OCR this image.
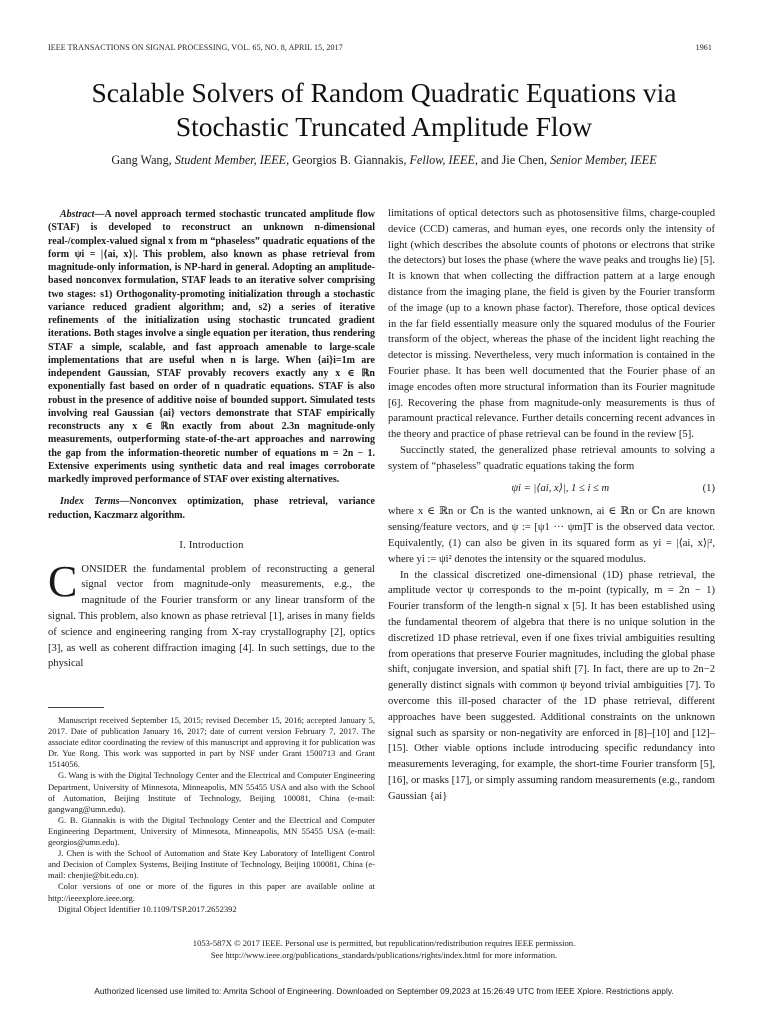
IEEE TRANSACTIONS ON SIGNAL PROCESSING, VOL. 65, NO. 8, APRIL 15, 2017	1961
Scalable Solvers of Random Quadratic Equations via
Stochastic Truncated Amplitude Flow
Gang Wang, Student Member, IEEE, Georgios B. Giannakis, Fellow, IEEE, and Jie Chen, Senior Member, IEEE
Abstract—A novel approach termed stochastic truncated amplitude flow (STAF) is developed to reconstruct an unknown n-dimensional real-/complex-valued signal x from m “phaseless” quadratic equations of the form ψi = |⟨ai, x⟩|. This problem, also known as phase retrieval from magnitude-only information, is NP-hard in general. Adopting an amplitude-based nonconvex formulation, STAF leads to an iterative solver comprising two stages: s1) Orthogonality-promoting initialization through a stochastic variance reduced gradient algorithm; and, s2) a series of iterative refinements of the initialization using stochastic truncated gradient iterations. Both stages involve a single equation per iteration, thus rendering STAF a simple, scalable, and fast approach amenable to large-scale implementations that are useful when n is large. When {ai}i=1m are independent Gaussian, STAF provably recovers exactly any x ∈ ℝn exponentially fast based on order of n quadratic equations. STAF is also robust in the presence of additive noise of bounded support. Simulated tests involving real Gaussian {ai} vectors demonstrate that STAF empirically reconstructs any x ∈ ℝn exactly from about 2.3n magnitude-only measurements, outperforming state-of-the-art approaches and narrowing the gap from the information-theoretic number of equations m = 2n − 1. Extensive experiments using synthetic data and real images corroborate markedly improved performance of STAF over existing alternatives.
Index Terms—Nonconvex optimization, phase retrieval, variance reduction, Kaczmarz algorithm.
I. Introduction

CONSIDER the fundamental problem of reconstructing a general signal vector from magnitude-only measurements, e.g., the magnitude of the Fourier transform or any linear transform of the signal. This problem, also known as phase retrieval [1], arises in many fields of science and engineering ranging from X-ray crystallography [2], optics [3], as well as coherent diffraction imaging [4]. In such settings, due to the physical

Manuscript received September 15, 2015; revised December 15, 2016; accepted January 5, 2017. Date of publication January 16, 2017; date of current version February 7, 2017. The associate editor coordinating the review of this manuscript and approving it for publication was Dr. Yue Rong. This work was supported in part by NSF under Grant 1500713 and Grant 1514056.

G. Wang is with the Digital Technology Center and the Electrical and Computer Engineering Department, University of Minnesota, Minneapolis, MN 55455 USA and also with the School of Automation, Beijing Institute of Technology, Beijing 100081, China (e-mail: gangwang@umn.edu).

G. B. Giannakis is with the Digital Technology Center and the Electrical and Computer Engineering Department, University of Minnesota, Minneapolis, MN 55455 USA (e-mail: georgios@umn.edu).

J. Chen is with the School of Automation and State Key Laboratory of Intelligent Control and Decision of Complex Systems, Beijing Institute of Technology, Beijing 100081, China (e-mail: chenjie@bit.edu.cn).

Color versions of one or more of the figures in this paper are available online at http://ieeexplore.ieee.org.

Digital Object Identifier 10.1109/TSP.2017.2652392

limitations of optical detectors such as photosensitive films, charge-coupled device (CCD) cameras, and human eyes, one records only the intensity of light (which describes the absolute counts of photons or electrons that strike the detectors) but loses the phase (where the wave peaks and troughs lie) [5]. It is known that when collecting the diffraction pattern at a large enough distance from the imaging plane, the field is given by the Fourier transform of the image (up to a known phase factor). Therefore, those optical devices in the far field essentially measure only the squared modulus of the Fourier transform of the object, whereas the phase of the incident light reaching the detector is missing. Nevertheless, very much information is contained in the Fourier phase. It has been well documented that the Fourier phase of an image encodes often more structural information than its Fourier magnitude [6]. Recovering the phase from magnitude-only measurements is thus of paramount practical relevance. Further details concerning recent advances in the theory and practice of phase retrieval can be found in the review [5].

Succinctly stated, the generalized phase retrieval amounts to solving a system of “phaseless” quadratic equations taking the form

ψi = |⟨ai, x⟩|, 1 ≤ i ≤ m	(1)

where x ∈ ℝn or ℂn is the wanted unknown, ai ∈ ℝn or ℂn are known sensing/feature vectors, and ψ := [ψ1 ··· ψm]T is the observed data vector. Equivalently, (1) can also be given in its squared form as yi = |⟨ai, x⟩|², where yi := ψi² denotes the intensity or the squared modulus.

In the classical discretized one-dimensional (1D) phase retrieval, the amplitude vector ψ corresponds to the m-point (typically, m = 2n − 1) Fourier transform of the length-n signal x [5]. It has been established using the fundamental theorem of algebra that there is no unique solution in the discretized 1D phase retrieval, even if one fixes trivial ambiguities resulting from operations that preserve Fourier magnitudes, including the global phase shift, conjugate inversion, and spatial shift [7]. In fact, there are up to 2n−2 generally distinct signals with common ψ beyond trivial ambiguities [7]. To overcome this ill-posed character of the 1D phase retrieval, different approaches have been suggested. Additional constraints on the unknown signal such as sparsity or non-negativity are enforced in [8]–[10] and [12]–[15]. Other viable options include introducing specific redundancy into measurements leveraging, for example, the short-time Fourier transform [5], [16], or masks [17], or simply assuming random measurements (e.g., random Gaussian {ai}

1053-587X © 2017 IEEE. Personal use is permitted, but republication/redistribution requires IEEE permission.
See http://www.ieee.org/publications_standards/publications/rights/index.html for more information.
Authorized licensed use limited to: Amrita School of Engineering. Downloaded on September 09,2023 at 15:26:49 UTC from IEEE Xplore. Restrictions apply.
